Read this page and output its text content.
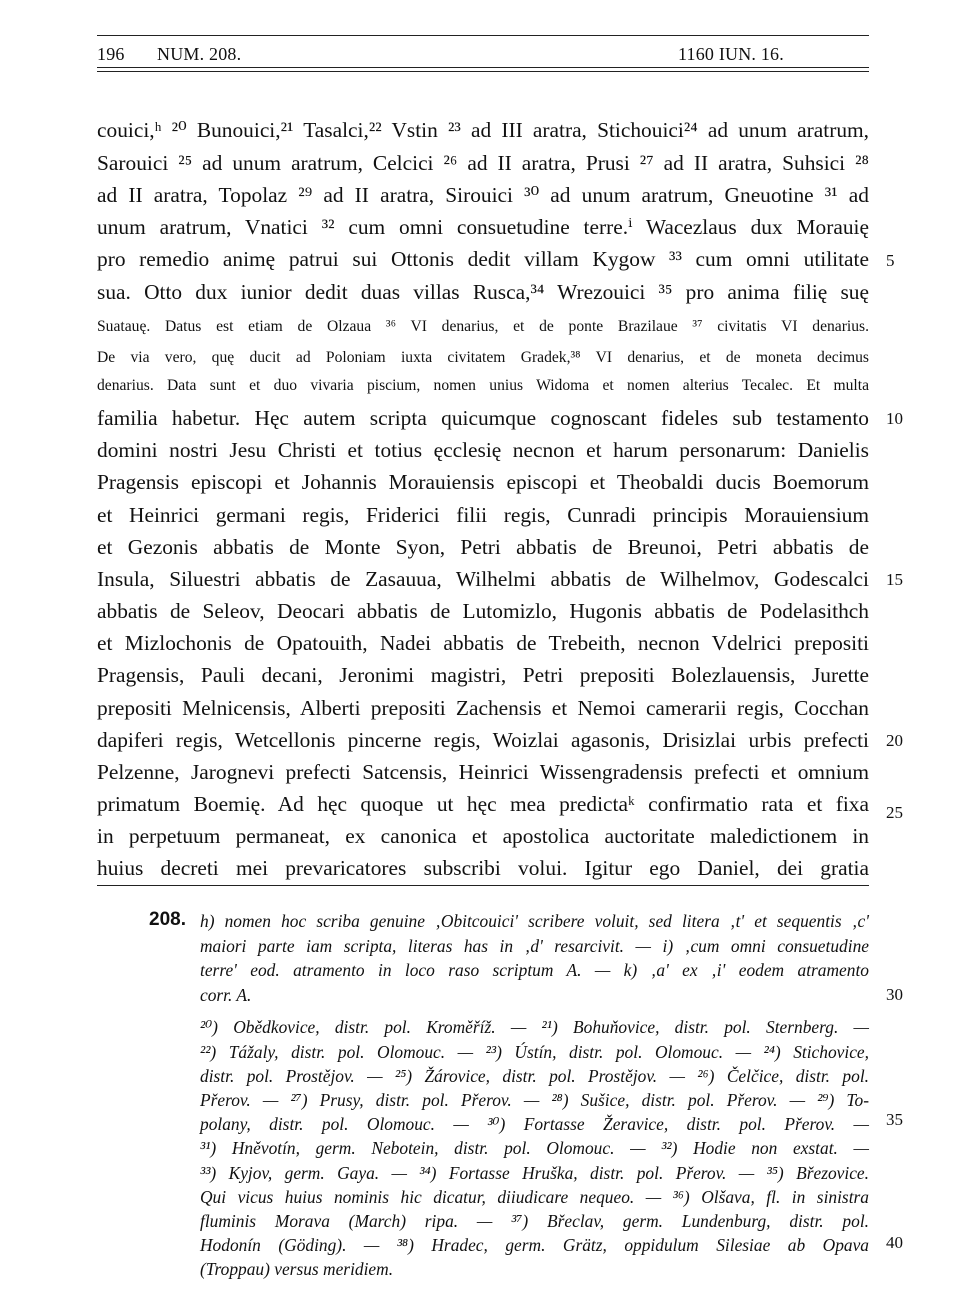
196 NUM. 208.	1160 IUN. 16.
couici,ʰ ²⁰ Bunouici,²¹ Tasalci,²² Vstin ²³ ad III aratra, Stichouici²⁴ ad unum aratrum,
Sarouici ²⁵ ad unum aratrum, Celcici ²⁶ ad II aratra, Prusi ²⁷ ad II aratra, Suhsici ²⁸
ad II aratra, Topolaz ²⁹ ad II aratra, Sirouici ³⁰ ad unum aratrum, Gneuotine ³¹ ad
unum aratrum, Vnatici ³² cum omni consuetudine terre.ⁱ Wacezlaus dux Morauię
pro remedio animę patrui sui Ottonis dedit villam Kygow ³³ cum omni utilitate
sua. Otto dux iunior dedit duas villas Rusca,³⁴ Wrezouici ³⁵ pro anima filię suę
Suatauę. Datus est etiam de Olzaua ³⁶ VI denarius, et de ponte Brazilaue ³⁷ civitatis VI denarius.
De via vero, quę ducit ad Poloniam iuxta civitatem Gradek,³⁸ VI denarius, et de moneta decimus
denarius. Data sunt et duo vivaria piscium, nomen unius Widoma et nomen alterius Tecalec. Et multa
familia habetur. Hęc autem scripta quicumque cognoscant fideles sub testamento
domini nostri Jesu Christi et totius ęcclesię necnon et harum personarum: Danielis
Pragensis episcopi et Johannis Morauiensis episcopi et Theobaldi ducis Boemorum
et Heinrici germani regis, Friderici filii regis, Cunradi principis Morauiensium
et Gezonis abbatis de Monte Syon, Petri abbatis de Breunoi, Petri abbatis de
Insula, Siluestri abbatis de Zasauua, Wilhelmi abbatis de Wilhelmov, Godescalci
abbatis de Seleov, Deocari abbatis de Lutomizlo, Hugonis abbatis de Podelasithch
et Mizlochonis de Opatouith, Nadei abbatis de Trebeith, necnon Vdelrici prepositi
Pragensis, Pauli decani, Jeronimi magistri, Petri prepositi Bolezlauensis, Jurette
prepositi Melnicensis, Alberti prepositi Zachensis et Nemoi camerarii regis, Cocchan
dapiferi regis, Wetcellonis pincerne regis, Woizlai agasonis, Drisizlai urbis prefecti
Pelzenne, Jarognevi prefecti Satcensis, Heinrici Wissengradensis prefecti et omnium
primatum Boemię. Ad hęc quoque ut hęc mea predictaᵏ confirmatio rata et fixa
in perpetuum permaneat, ex canonica et apostolica auctoritate maledictionem in
huius decreti mei prevaricatores subscribi volui. Igitur ego Daniel, dei gratia
5
10
15
20
25
30
35
40
208. h) nomen hoc scriba genuine ‚Obitcouici' scribere voluit, sed litera ‚t' et sequentis ‚c'
maiori parte iam scripta, literas has in ‚d' resarcivit. — i) ‚cum omni consuetudine
terre' eod. atramento in loco raso scriptum A. — k) ‚a' ex ‚i' eodem atramento
corr. A.
²⁰) Obědkovice, distr. pol. Kroměříž. — ²¹) Bohuňovice, distr. pol. Sternberg. —
²²) Tážaly, distr. pol. Olomouc. — ²³) Ústín, distr. pol. Olomouc. — ²⁴) Stichovice,
distr. pol. Prostějov. — ²⁵) Žárovice, distr. pol. Prostějov. — ²⁶) Čelčice, distr. pol.
Přerov. — ²⁷) Prusy, distr. pol. Přerov. — ²⁸) Sušice, distr. pol. Přerov. — ²⁹) To-
polany, distr. pol. Olomouc. — ³⁰) Fortasse Žeravice, distr. pol. Přerov. —
³¹) Hněvotín, germ. Nebotein, distr. pol. Olomouc. — ³²) Hodie non exstat. —
³³) Kyjov, germ. Gaya. — ³⁴) Fortasse Hruška, distr. pol. Přerov. — ³⁵) Březovice.
Qui vicus huius nominis hic dicatur, diiudicare nequeo. — ³⁶) Olšava, fl. in sinistra
fluminis Morava (March) ripa. — ³⁷) Břeclav, germ. Lundenburg, distr. pol.
Hodonín (Göding). — ³⁸) Hradec, germ. Grätz, oppidulum Silesiae ab Opava
(Troppau) versus meridiem.
